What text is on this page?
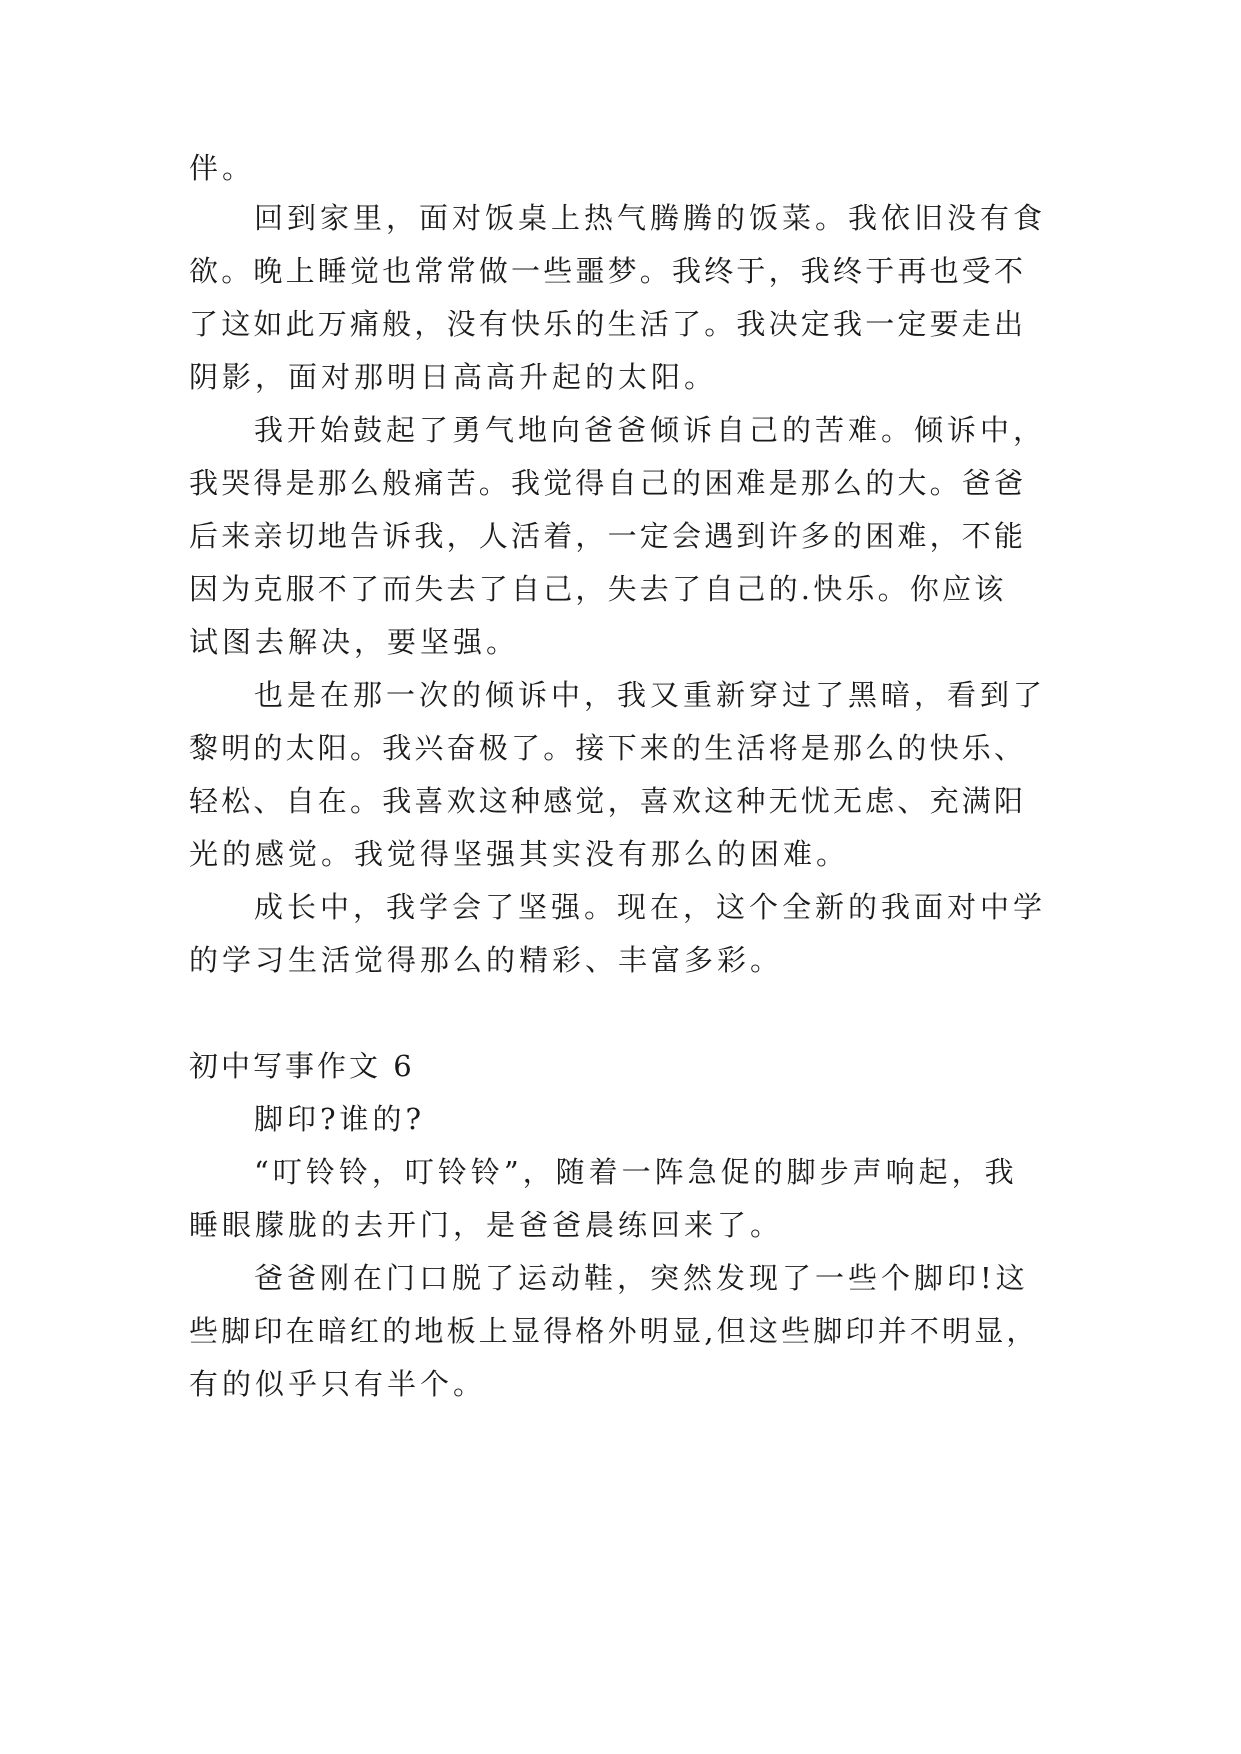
伴。
回到家里，面对饭桌上热气腾腾的饭菜。我依旧没有食
欲。晚上睡觉也常常做一些噩梦。我终于，我终于再也受不
了这如此万痛般，没有快乐的生活了。我决定我一定要走出
阴影，面对那明日高高升起的太阳。
我开始鼓起了勇气地向爸爸倾诉自己的苦难。倾诉中，
我哭得是那么般痛苦。我觉得自己的困难是那么的大。爸爸
后来亲切地告诉我，人活着，一定会遇到许多的困难，不能
因为克服不了而失去了自己，失去了自己的.快乐。你应该
试图去解决，要坚强。
也是在那一次的倾诉中，我又重新穿过了黑暗，看到了
黎明的太阳。我兴奋极了。接下来的生活将是那么的快乐、
轻松、自在。我喜欢这种感觉，喜欢这种无忧无虑、充满阳
光的感觉。我觉得坚强其实没有那么的困难。
成长中，我学会了坚强。现在，这个全新的我面对中学
的学习生活觉得那么的精彩、丰富多彩。
初中写事作文 6
脚印?谁的?
“叮铃铃，叮铃铃”，随着一阵急促的脚步声响起，我
睡眼朦胧的去开门，是爸爸晨练回来了。
爸爸刚在门口脱了运动鞋，突然发现了一些个脚印!这
些脚印在暗红的地板上显得格外明显,但这些脚印并不明显，
有的似乎只有半个。
